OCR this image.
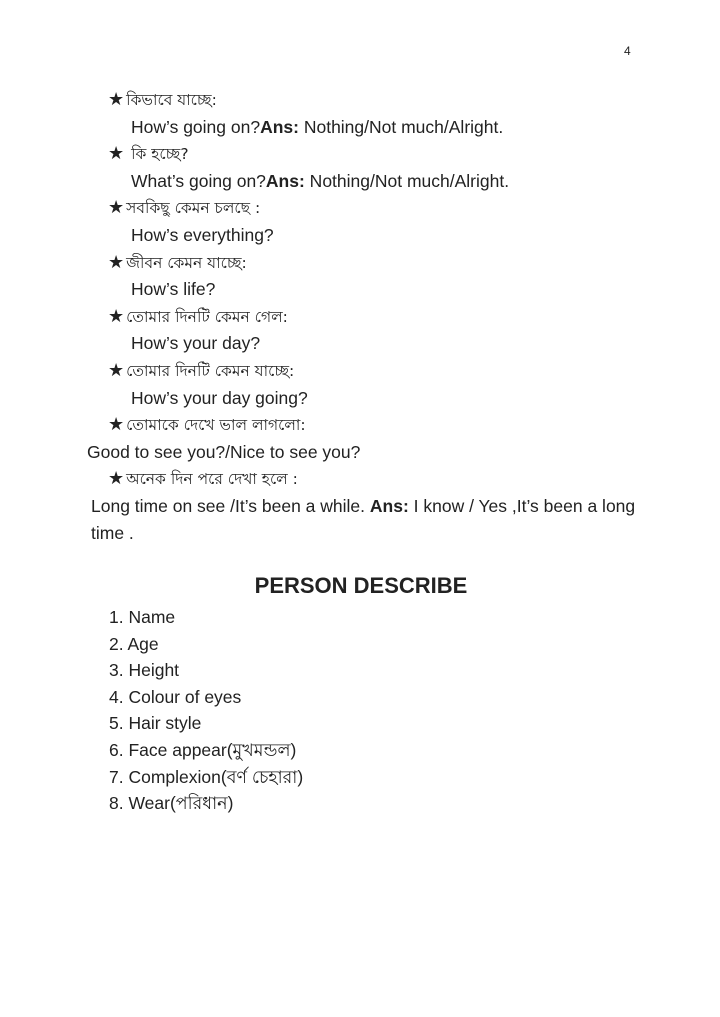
4
★ কিভাবে যাচ্ছে:
How’s going on?Ans: Nothing/Not much/Alright.
★ কি হচ্ছে?
What’s going on?Ans: Nothing/Not much/Alright.
★ সবকিছু কেমন চলছে :
How’s everything?
★ জীবন কেমন যাচ্ছে:
How’s life?
★ তোমার দিনটি কেমন গেল:
How’s your day?
★ তোমার দিনটি কেমন যাচ্ছে:
How’s your day going?
★ তোমাকে দেখে ভাল লাগলো:
Good to see you?/Nice to see you?
★ অনেক দিন পরে দেখা হলে :
Long time on see /It’s been a while. Ans: I know / Yes ,It’s been a long time .
PERSON DESCRIBE
1. Name
2. Age
3. Height
4. Colour of eyes
5. Hair style
6. Face appear(মুখমন্ডল)
7. Complexion(বর্ণ চেহারা)
8. Wear(পরিধান)
